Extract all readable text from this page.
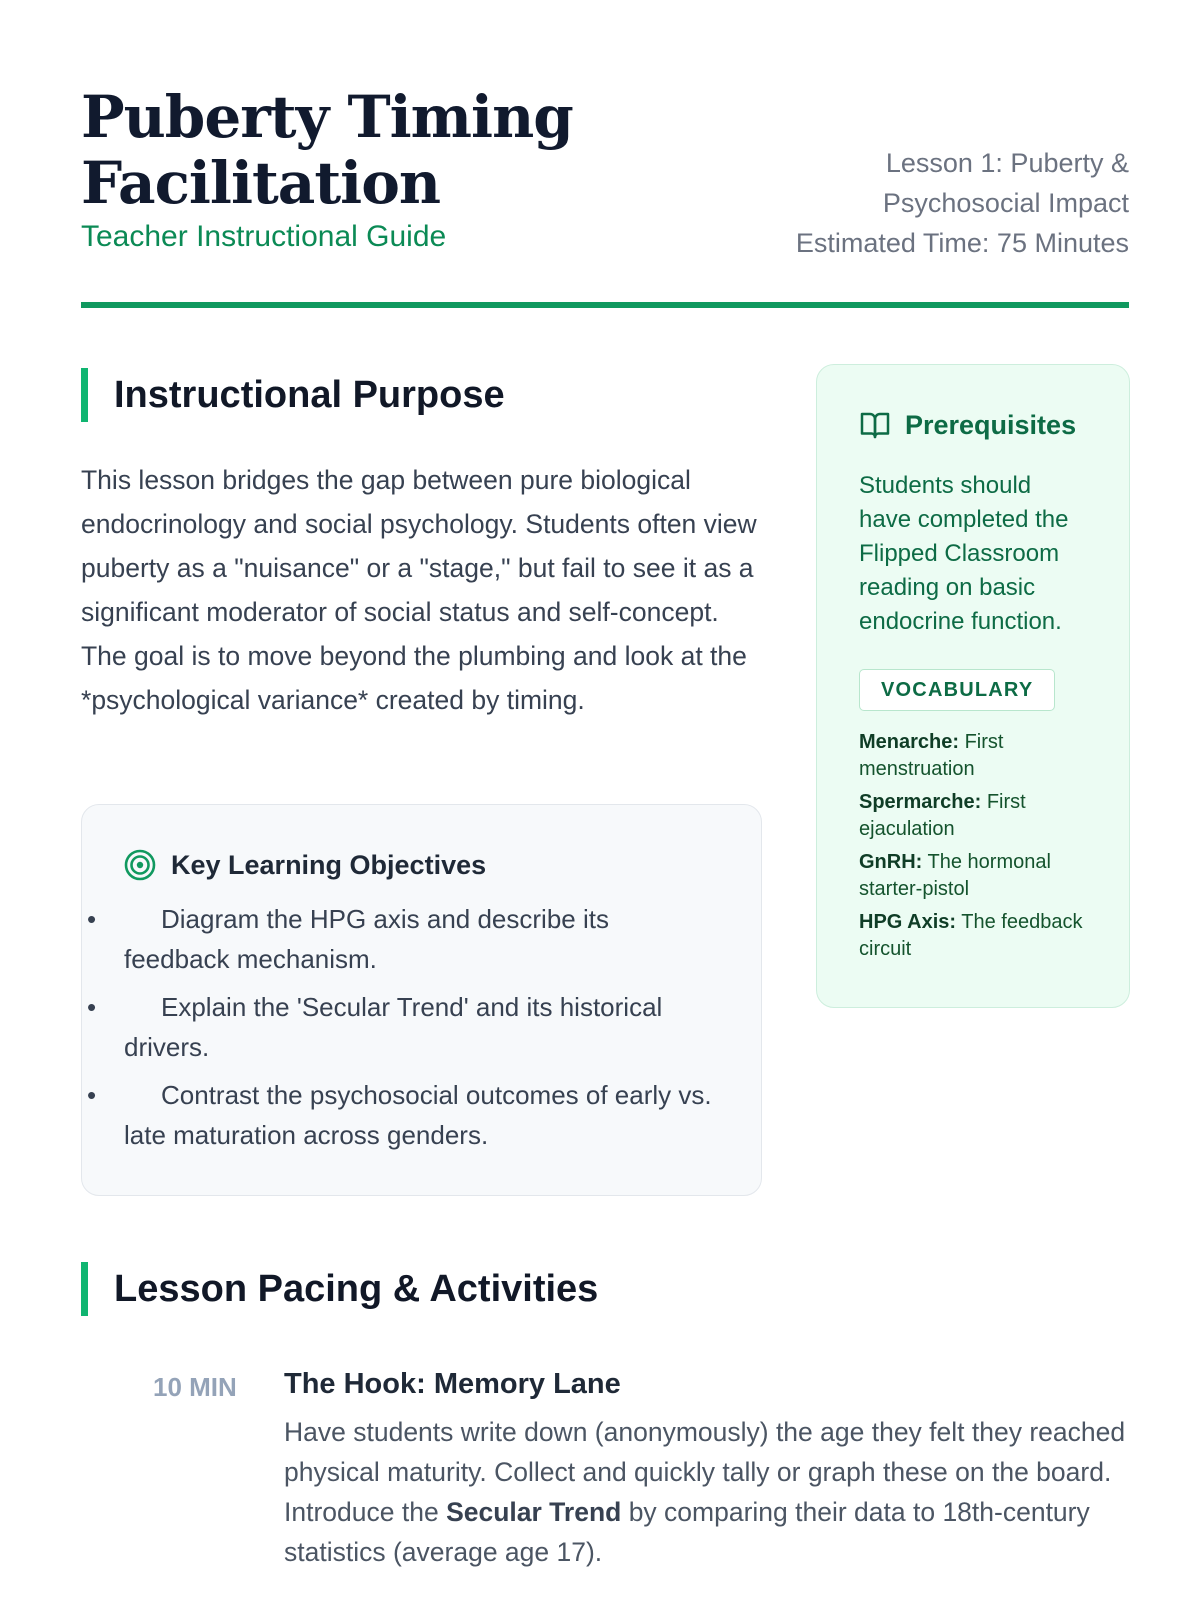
Puberty Timing
Facilitation
Teacher Instructional Guide
Lesson 1: Puberty &
Psychosocial Impact
Estimated Time: 75 Minutes
Instructional Purpose
This lesson bridges the gap between pure biological endocrinology and social psychology. Students often view puberty as a "nuisance" or a "stage," but fail to see it as a significant moderator of social status and self-concept. The goal is to move beyond the plumbing and look at the *psychological variance* created by timing.
Key Learning Objectives
• Diagram the HPG axis and describe its feedback mechanism.
• Explain the 'Secular Trend' and its historical drivers.
• Contrast the psychosocial outcomes of early vs. late maturation across genders.
Prerequisites
Students should have completed the Flipped Classroom reading on basic endocrine function.
VOCABULARY
Menarche: First menstruation
Spermarche: First ejaculation
GnRH: The hormonal starter-pistol
HPG Axis: The feedback circuit
Lesson Pacing & Activities
10 MIN The Hook: Memory Lane
Have students write down (anonymously) the age they felt they reached physical maturity. Collect and quickly tally or graph these on the board. Introduce the Secular Trend by comparing their data to 18th-century statistics (average age 17).
